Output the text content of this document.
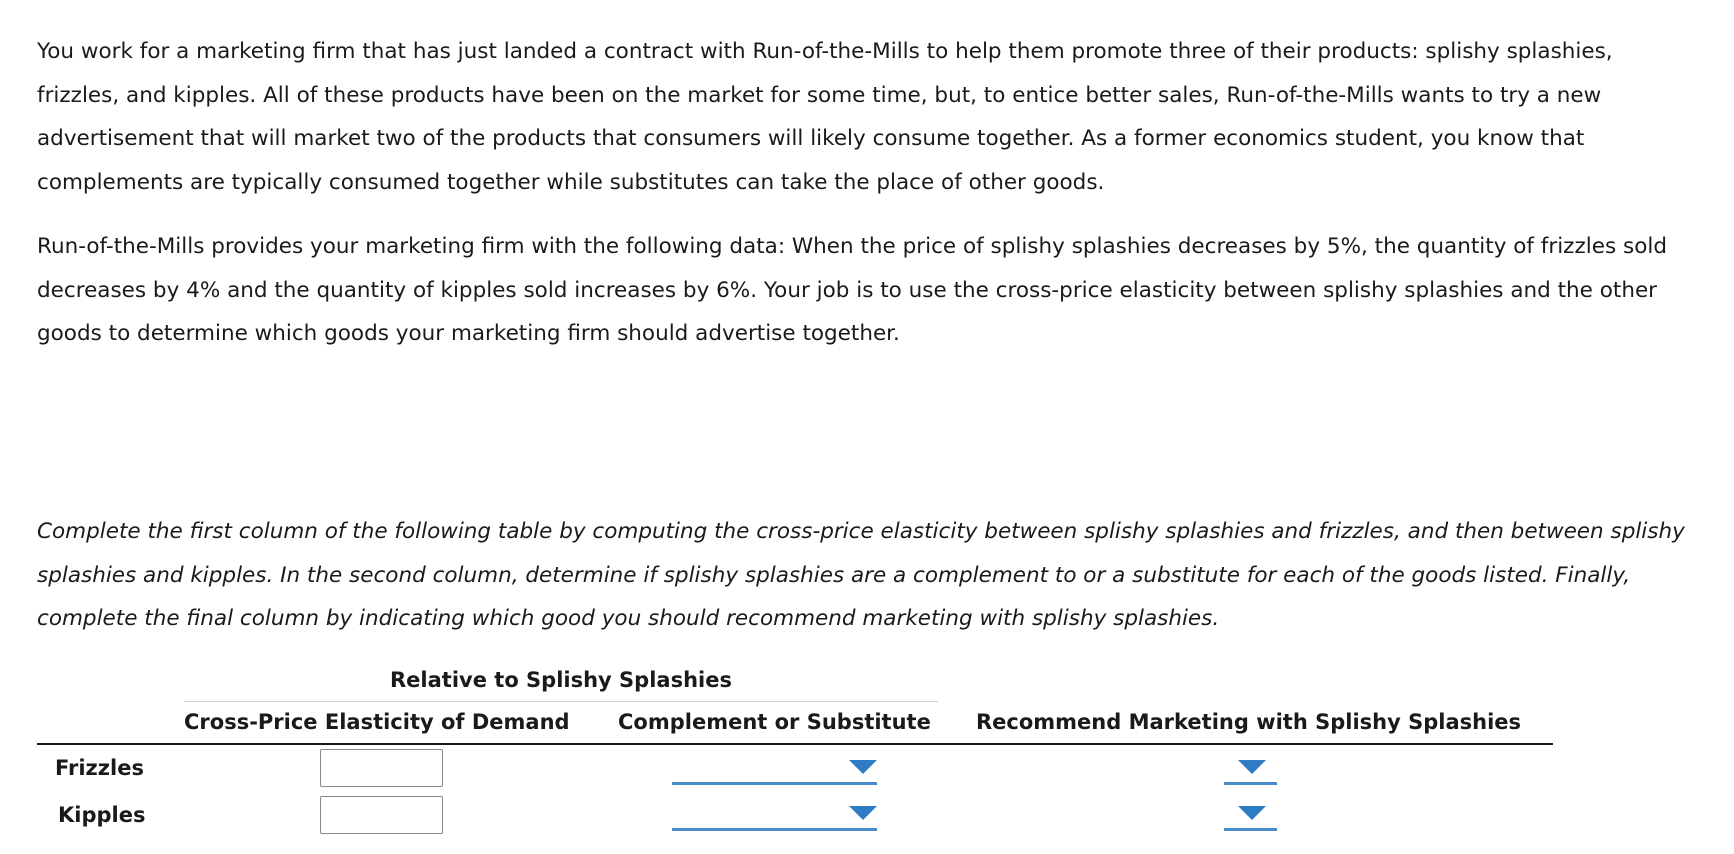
You work for a marketing firm that has just landed a contract with Run-of-the-Mills to help them promote three of their products: splishy splashies, frizzles, and kipples. All of these products have been on the market for some time, but, to entice better sales, Run-of-the-Mills wants to try a new advertisement that will market two of the products that consumers will likely consume together. As a former economics student, you know that complements are typically consumed together while substitutes can take the place of other goods.

Run-of-the-Mills provides your marketing firm with the following data: When the price of splishy splashies decreases by 5%, the quantity of frizzles sold decreases by 4% and the quantity of kipples sold increases by 6%. Your job is to use the cross-price elasticity between splishy splashies and the other goods to determine which goods your marketing firm should advertise together.

Complete the first column of the following table by computing the cross-price elasticity between splishy splashies and frizzles, and then between splishy splashies and kipples. In the second column, determine if splishy splashies are a complement to or a substitute for each of the goods listed. Finally, complete the final column by indicating which good you should recommend marketing with splishy splashies.

Relative to Splishy Splashies
Cross-Price Elasticity of Demand Complement or Substitute Recommend Marketing with Splishy Splashies
Frizzles
Kipples
